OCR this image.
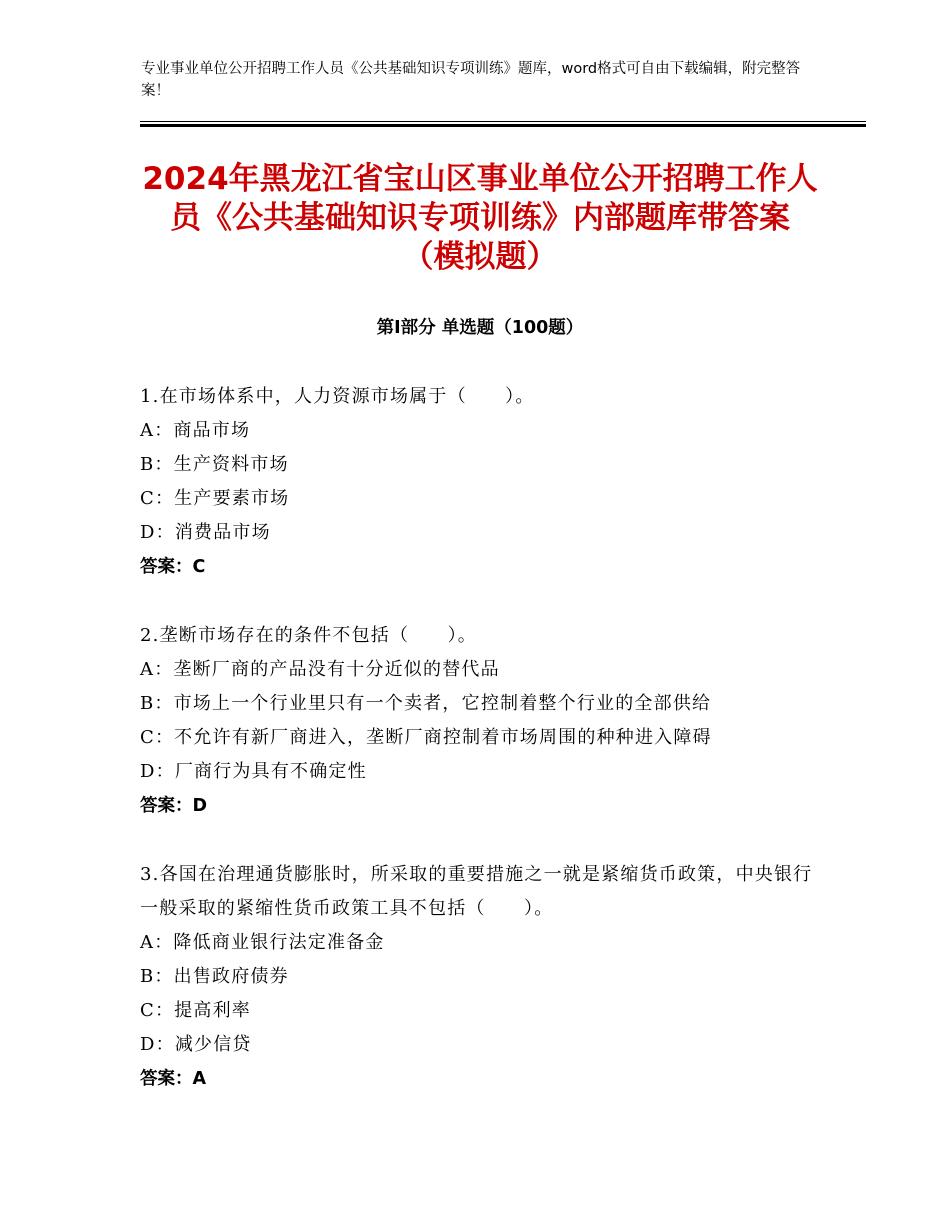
专业事业单位公开招聘工作人员《公共基础知识专项训练》题库，word格式可自由下载编辑，附完整答案！
2024年黑龙江省宝山区事业单位公开招聘工作人员《公共基础知识专项训练》内部题库带答案（模拟题）
第I部分 单选题（100题）
1.在市场体系中，人力资源市场属于（　　）。
A：商品市场
B：生产资料市场
C：生产要素市场
D：消费品市场
答案：C
2.垄断市场存在的条件不包括（　　）。
A：垄断厂商的产品没有十分近似的替代品
B：市场上一个行业里只有一个卖者，它控制着整个行业的全部供给
C：不允许有新厂商进入，垄断厂商控制着市场周围的种种进入障碍
D：厂商行为具有不确定性
答案：D
3.各国在治理通货膨胀时，所采取的重要措施之一就是紧缩货币政策，中央银行一般采取的紧缩性货币政策工具不包括（　　）。
A：降低商业银行法定准备金
B：出售政府债券
C：提高利率
D：减少信贷
答案：A
